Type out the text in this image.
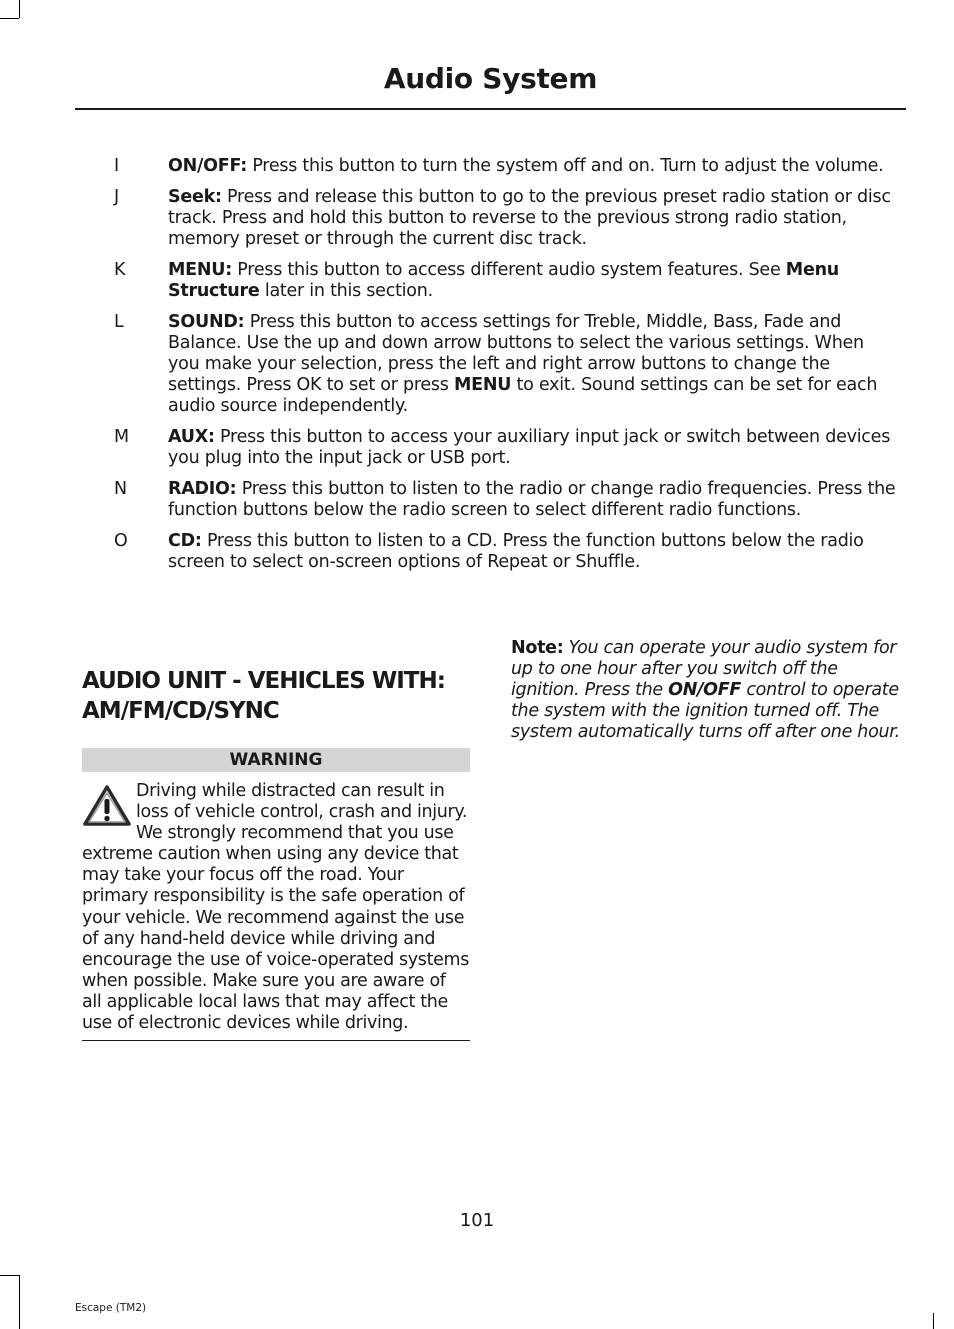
Audio System
I	ON/OFF: Press this button to turn the system off and on. Turn to adjust the volume.
J	Seek: Press and release this button to go to the previous preset radio station or disc track. Press and hold this button to reverse to the previous strong radio station, memory preset or through the current disc track.
K	MENU: Press this button to access different audio system features. See Menu Structure later in this section.
L	SOUND: Press this button to access settings for Treble, Middle, Bass, Fade and Balance. Use the up and down arrow buttons to select the various settings. When you make your selection, press the left and right arrow buttons to change the settings. Press OK to set or press MENU to exit. Sound settings can be set for each audio source independently.
M	AUX: Press this button to access your auxiliary input jack or switch between devices you plug into the input jack or USB port.
N	RADIO: Press this button to listen to the radio or change radio frequencies. Press the function buttons below the radio screen to select different radio functions.
O	CD: Press this button to listen to a CD. Press the function buttons below the radio screen to select on-screen options of Repeat or Shuffle.
AUDIO UNIT - VEHICLES WITH: AM/FM/CD/SYNC
WARNING
Driving while distracted can result in loss of vehicle control, crash and injury. We strongly recommend that you use extreme caution when using any device that may take your focus off the road. Your primary responsibility is the safe operation of your vehicle. We recommend against the use of any hand-held device while driving and encourage the use of voice-operated systems when possible. Make sure you are aware of all applicable local laws that may affect the use of electronic devices while driving.
Note: You can operate your audio system for up to one hour after you switch off the ignition. Press the ON/OFF control to operate the system with the ignition turned off. The system automatically turns off after one hour.
101
Escape (TM2)
